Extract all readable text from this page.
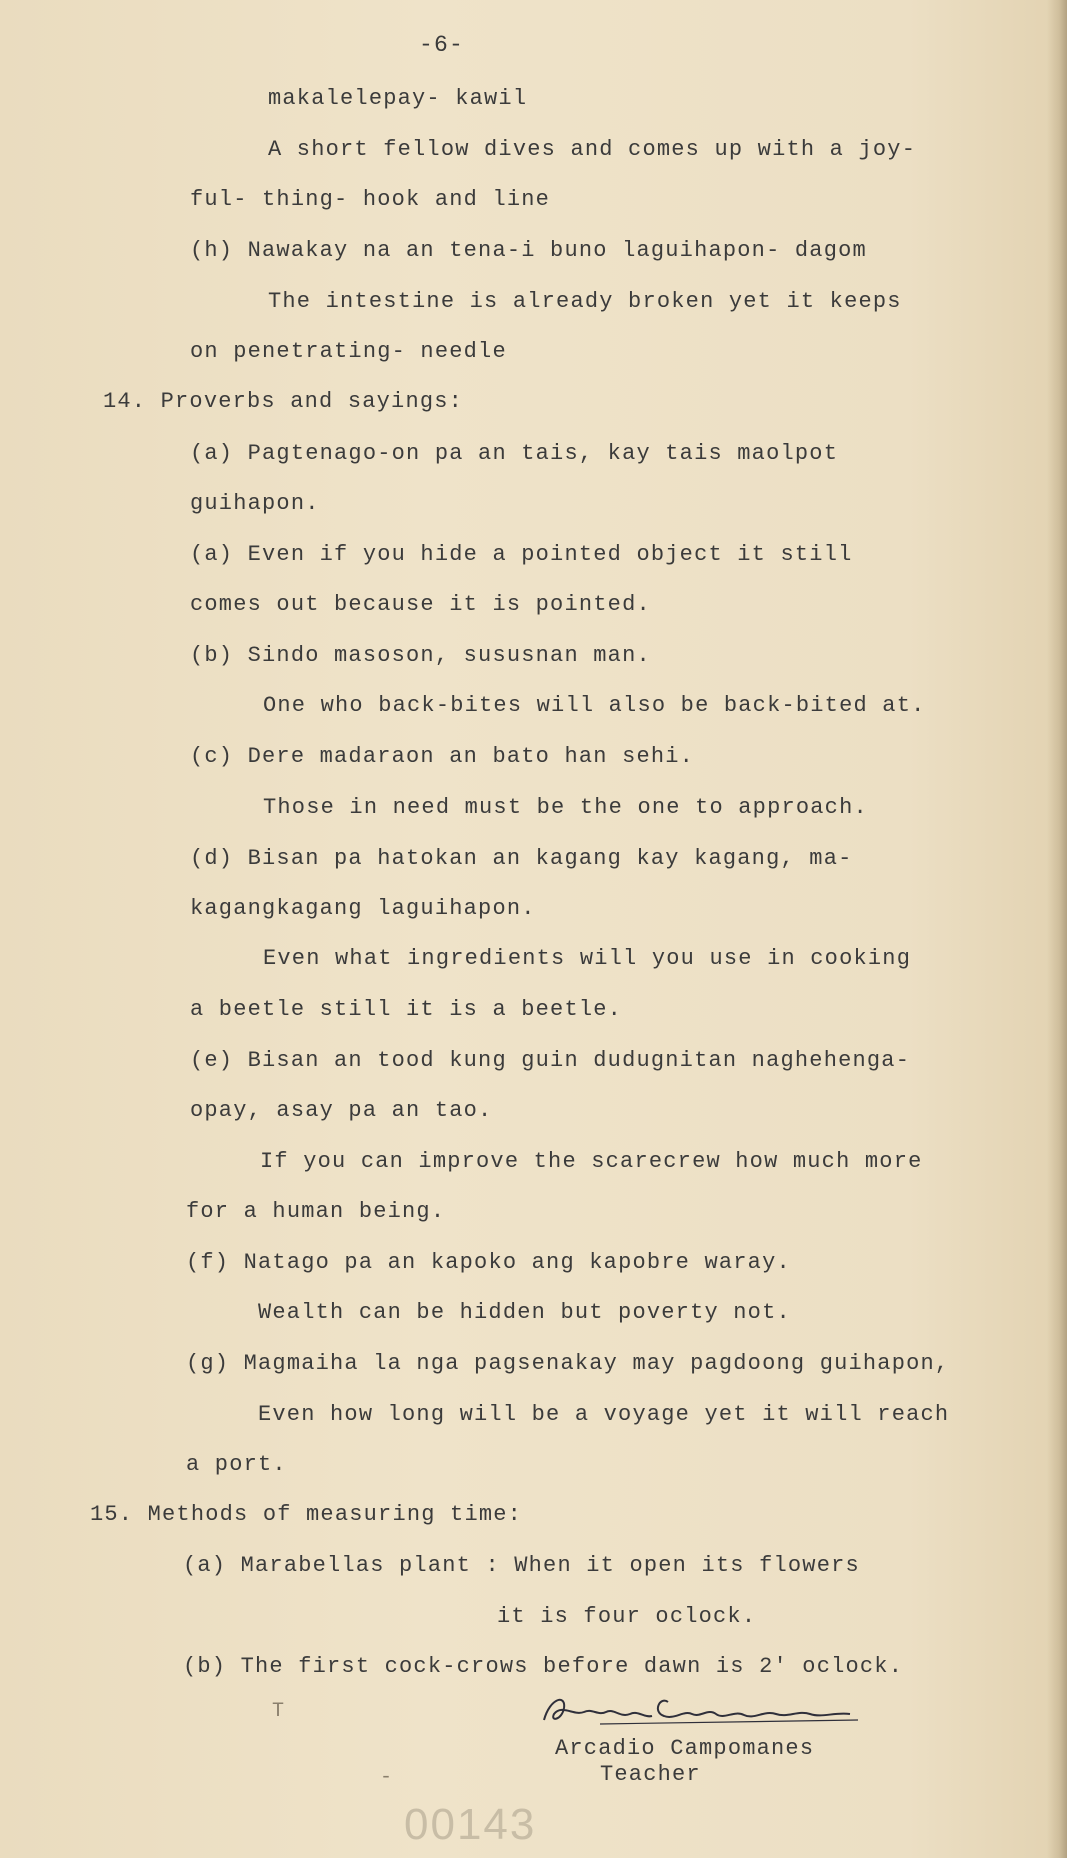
-6-
makalelepay- kawil
A short fellow dives and comes up with a joy-
ful- thing- hook and line
(h) Nawakay na an tena-i buno laguihapon- dagom
The intestine is already broken yet it keeps
on penetrating- needle
14. Proverbs and sayings:
(a) Pagtenago-on pa an tais, kay tais maolpot
guihapon.
(a) Even if you hide a pointed object it still
comes out because it is pointed.
(b) Sindo masoson, sususnan man.
One who back-bites will also be back-bited at.
(c) Dere madaraon an bato han sehi.
Those in need must be the one to approach.
(d) Bisan pa hatokan an kagang kay kagang, ma-
kagangkagang laguihapon.
Even what ingredients will you use in cooking
a beetle still it is a beetle.
(e) Bisan an tood kung guin dudugnitan naghehenga-
opay, asay pa an tao.
If you can improve the scarecrew how much more
for a human being.
(f) Natago pa an kapoko ang kapobre waray.
Wealth can be hidden but poverty not.
(g) Magmaiha la nga pagsenakay may pagdoong guihapon,
Even how long will be a voyage yet it will reach
a port.
15. Methods of measuring time:
(a) Marabellas plant : When it open its flowers
it is four oclock.
(b) The first cock-crows before dawn is 2' oclock.
T
-
Arcadio Campomanes
Teacher
00143
